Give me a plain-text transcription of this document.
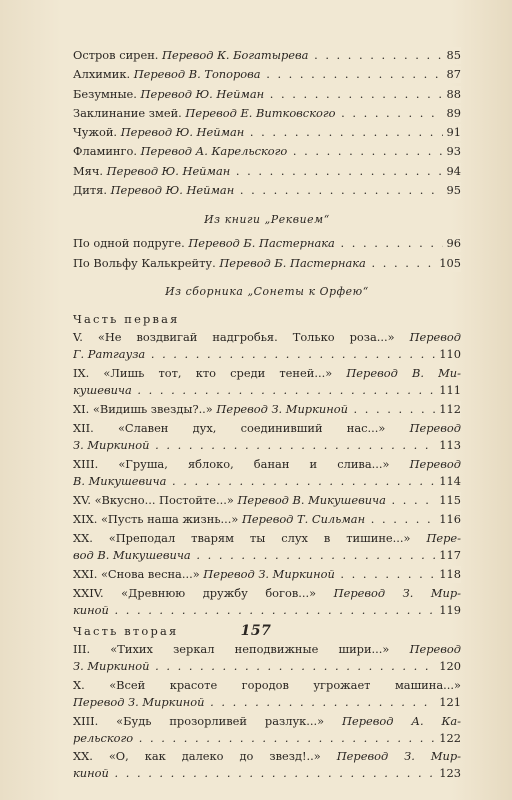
Остров сирен. Перевод К. Богатырева . . .	85
Алхимик. Перевод В. Топорова . . .	87
Безумные. Перевод Ю. Нейман . . .	88
Заклинание змей. Перевод Е. Витковского . . .	89
Чужой. Перевод Ю. Нейман . . .	91
Фламинго. Перевод А. Карельского . . .	93
Мяч. Перевод Ю. Нейман . . .	94
Дитя. Перевод Ю. Нейман . . .	95
Из книги „Реквием“
По одной подруге. Перевод Б. Пастернака . . .	96
По Вольфу Калькрейту. Перевод Б. Пастернака . . .	105
Из сборника „Сонеты к Орфею“
Часть первая
V. «Не воздвигай надгробья. Только роза...» Перевод
Г. Ратгауза . . .	110
IX. «Лишь тот, кто среди теней...» Перевод В. Ми-
кушевича . . .	111
XI. «Видишь звезды?..» Перевод З. Миркиной . . .	112
XII. «Славен дух, соединивший нас...» Перевод
З. Миркиной . . .	113
XIII. «Груша, яблоко, банан и слива...» Перевод
В. Микушевича . . .	114
XV. «Вкусно... Постойте...» Перевод В. Микушевича . . .	115
XIX. «Пусть наша жизнь...» Перевод Т. Сильман . . .	116
XX. «Преподал тварям ты слух в тишине...» Пере-
вод В. Микушевича . . .	117
XXI. «Снова весна...» Перевод З. Миркиной . . .	118
XXIV. «Древнюю дружбу богов...» Перевод З. Мир-
киной . . .	119
Часть вторая
III. «Тихих зеркал неподвижные шири...» Перевод
З. Миркиной . . .	120
X. «Всей красоте городов угрожает машина...»
Перевод З. Миркиной . . .	121
XIII. «Будь прозорливей разлук...» Перевод А. Ка-
рельского . . .	122
XX. «О, как далеко до звезд!..» Перевод З. Мир-
киной . . .	123
157
